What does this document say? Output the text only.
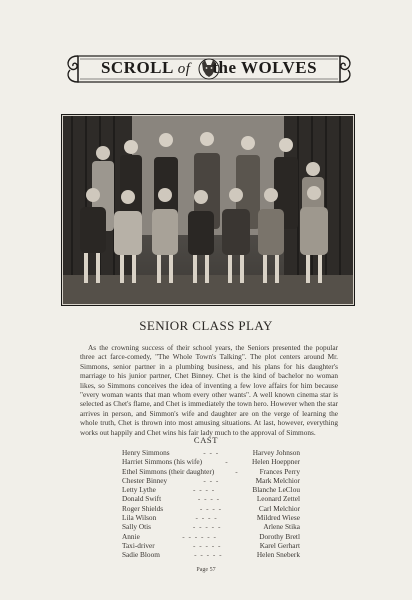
SCROLL of the WOLVES
SENIOR CLASS PLAY
As the crowning success of their school years, the Seniors presented the popular three act farce-comedy, "The Whole Town's Talking". The plot centers around Mr. Simmons, senior partner in a plumbing business, and his plans for his daughter's marriage to his junior partner, Chet Binney. Chet is the kind of bachelor no woman likes, so Simmons conceives the idea of inventing a few love affairs for him because "every woman wants that man whom every other wants". A well known cinema star is selected as Chet's flame, and Chet is immediately the town hero. However when the star arrives in person, and Simmon's wife and daughter are on the verge of learning the whole truth, Chet is thrown into most amusing situations. At last, however, everything works out happily and Chet wins his fair lady much to the approval of Simmons.
CAST
Henry Simmons	- - -	Harvey Johnson
Harriet Simmons (his wife)	-	Helen Hoeppner
Ethel Simmons (their daughter)	-	Frances Perry
Chester Binney	- - -	Mark Melchior
Letty Lythe	- - - -	Blanche LeClou
Donald Swift	- - - -	Leonard Zettel
Roger Shields	- - - -	Carl Melchior
Lila Wilson	- - - -	Mildred Wiese
Sally Otis	- - - - -	Arlene Stika
Annie	- - - - - -	Dorothy Bretl
Taxi-driver	- - - - -	Karel Gerhart
Sadie Bloom	- - - - -	Helen Sneberk
Page 57
